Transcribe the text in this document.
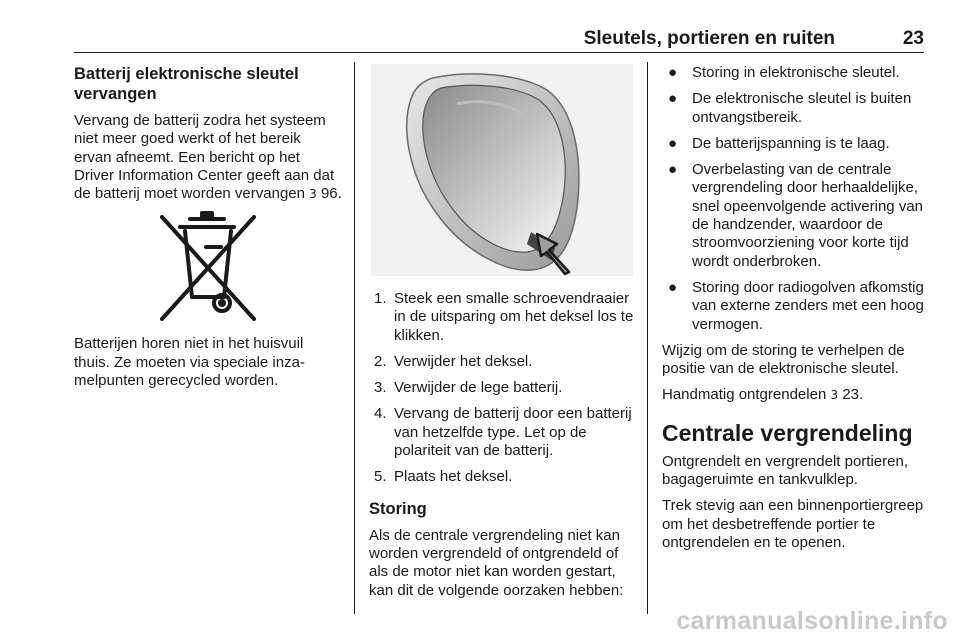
Sleutels, portieren en ruiten	23
Batterij elektronische sleutel vervangen

Vervang de batterij zodra het systeem niet meer goed werkt of het bereik ervan afneemt. Een bericht op het Driver Information Center geeft aan dat de batterij moet worden vervangen 3 96.

Batterijen horen niet in het huisvuil thuis. Ze moeten via speciale inzamelpunten gerecycled worden.

1. Steek een smalle schroevendraaier in de uitsparing om het deksel los te klikken.
2. Verwijder het deksel.
3. Verwijder de lege batterij.
4. Vervang de batterij door een batterij van hetzelfde type. Let op de polariteit van de batterij.
5. Plaats het deksel.
Storing

Als de centrale vergrendeling niet kan worden vergrendeld of ontgrendeld of als de motor niet kan worden gestart, kan dit de volgende oorzaken hebben:

● Storing in elektronische sleutel.
● De elektronische sleutel is buiten ontvangstbereik.
● De batterijspanning is te laag.
● Overbelasting van de centrale vergrendeling door herhaaldelijke, snel opeenvolgende activering van de handzender, waardoor de stroomvoorziening voor korte tijd wordt onderbroken.
● Storing door radiogolven afkomstig van externe zenders met een hoog vermogen.

Wijzig om de storing te verhelpen de positie van de elektronische sleutel.

Handmatig ontgrendelen 3 23.

Centrale vergrendeling

Ontgrendelt en vergrendelt portieren, bagageruimte en tankvulklep.

Trek stevig aan een binnenportiergreep om het desbetreffende portier te ontgrendelen en te openen.

carmanualsonline.info
